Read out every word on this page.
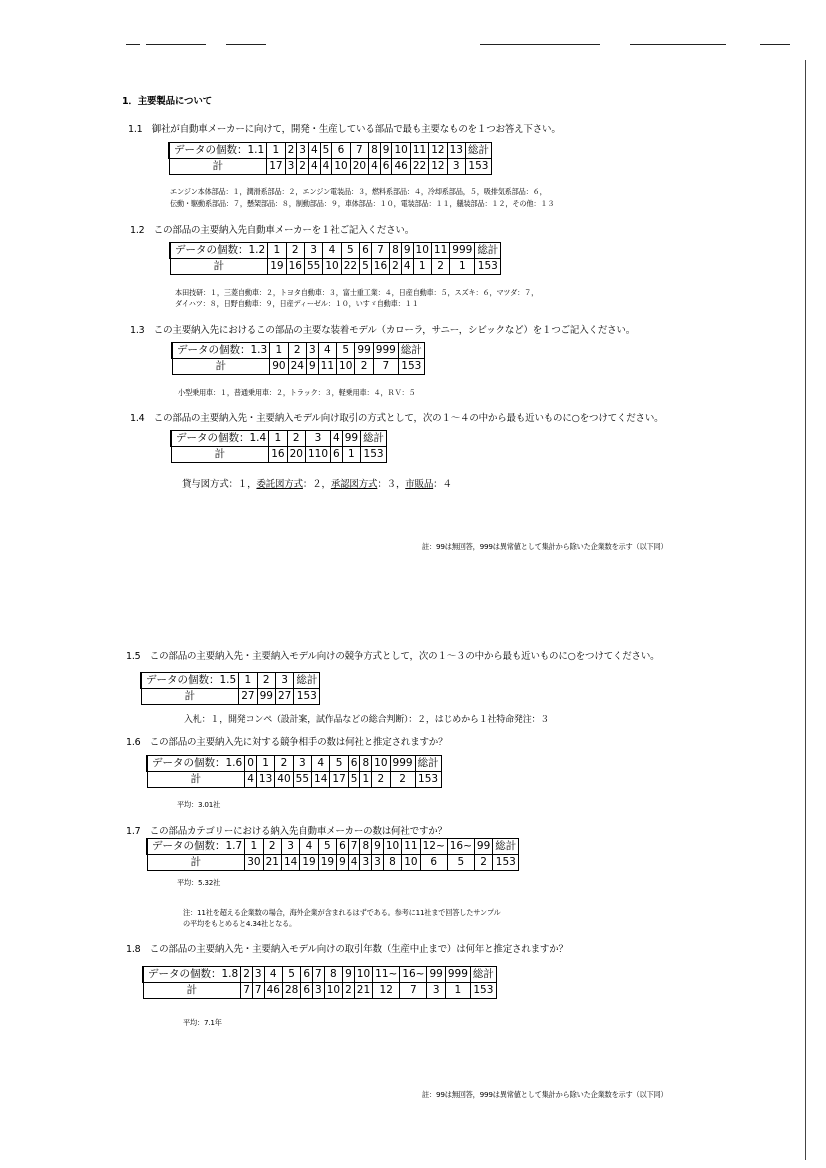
1．主要製品について
1.1　御社が自動車メーカーに向けて，開発・生産している部品で最も主要なものを１つお答え下さい。
データの個数：1.1	1	2	3	4	5	6	7	8	9	10	11	12	13	総計
計	17	3	2	4	4	10	20	4	6	46	22	12	3	153
エンジン本体部品：１，潤滑系部品：２，エンジン電装品：３，燃料系部品：４，冷却系部品，５，吸排気系部品：６，
伝動・駆動系部品：７，懸架部品：８，制動部品：９，車体部品：１０，電装部品：１１，艤装部品：１２，その他：１３
1.2　この部品の主要納入先自動車メーカーを１社ご記入ください。
データの個数：1.2	1	2	3	4	5	6	7	8	9	10	11	999	総計
計	19	16	55	10	22	5	16	2	4	1	2	1	153
本田技研：１，三菱自動車：２，トヨタ自動車：３，富士重工業：４，日産自動車：５，スズキ：６，マツダ：７，
ダイハツ：８，日野自動車：９，日産ディーゼル：１０，いすゞ自動車：１１
1.3　この主要納入先におけるこの部品の主要な装着モデル（カローラ，サニー，シビックなど）を１つご記入ください。
データの個数：1.3	1	2	3	4	5	99	999	総計
計	90	24	9	11	10	2	7	153
小型乗用車：１，普通乗用車：２，トラック：３，軽乗用車：４，ＲＶ：５
1.4　この部品の主要納入先・主要納入モデル向け取引の方式として，次の１～４の中から最も近いものに○をつけてください。
データの個数：1.4	1	2	3	4	99	総計
計	16	20	110	6	1	153
貸与図方式：１，委託図方式：２，承認図方式：３，市販品：４
註：99は無回答，999は異常値として集計から除いた企業数を示す（以下同）
1.5　この部品の主要納入先・主要納入モデル向けの競争方式として，次の１～３の中から最も近いものに○をつけてください。
データの個数：1.5	1	2	3	総計
計	27	99	27	153
入札：１，開発コンペ（設計案，試作品などの総合判断）：２，はじめから１社特命発注：３
1.6　この部品の主要納入先に対する競争相手の数は何社と推定されますか？
データの個数：1.6	0	1	2	3	4	5	6	8	10	999	総計
計	4	13	40	55	14	17	5	1	2	2	153
平均：3.01社
1.7　この部品カテゴリーにおける納入先自動車メーカーの数は何社ですか？
データの個数：1.7	1	2	3	4	5	6	7	8	9	10	11	12~	16~	99	総計
計	30	21	14	19	19	9	4	3	3	8	10	6	5	2	153
平均：5.32社
注：11社を超える企業数の場合，海外企業が含まれるはずである。参考に11社まで回答したサンプル
の平均をもとめると4.34社となる。
1.8　この部品の主要納入先・主要納入モデル向けの取引年数（生産中止まで）は何年と推定されますか？
データの個数：1.8	2	3	4	5	6	7	8	9	10	11~	16~	99	999	総計
計	7	7	46	28	6	3	10	2	21	12	7	3	1	153
平均：7.1年
註：99は無回答，999は異常値として集計から除いた企業数を示す（以下同）
